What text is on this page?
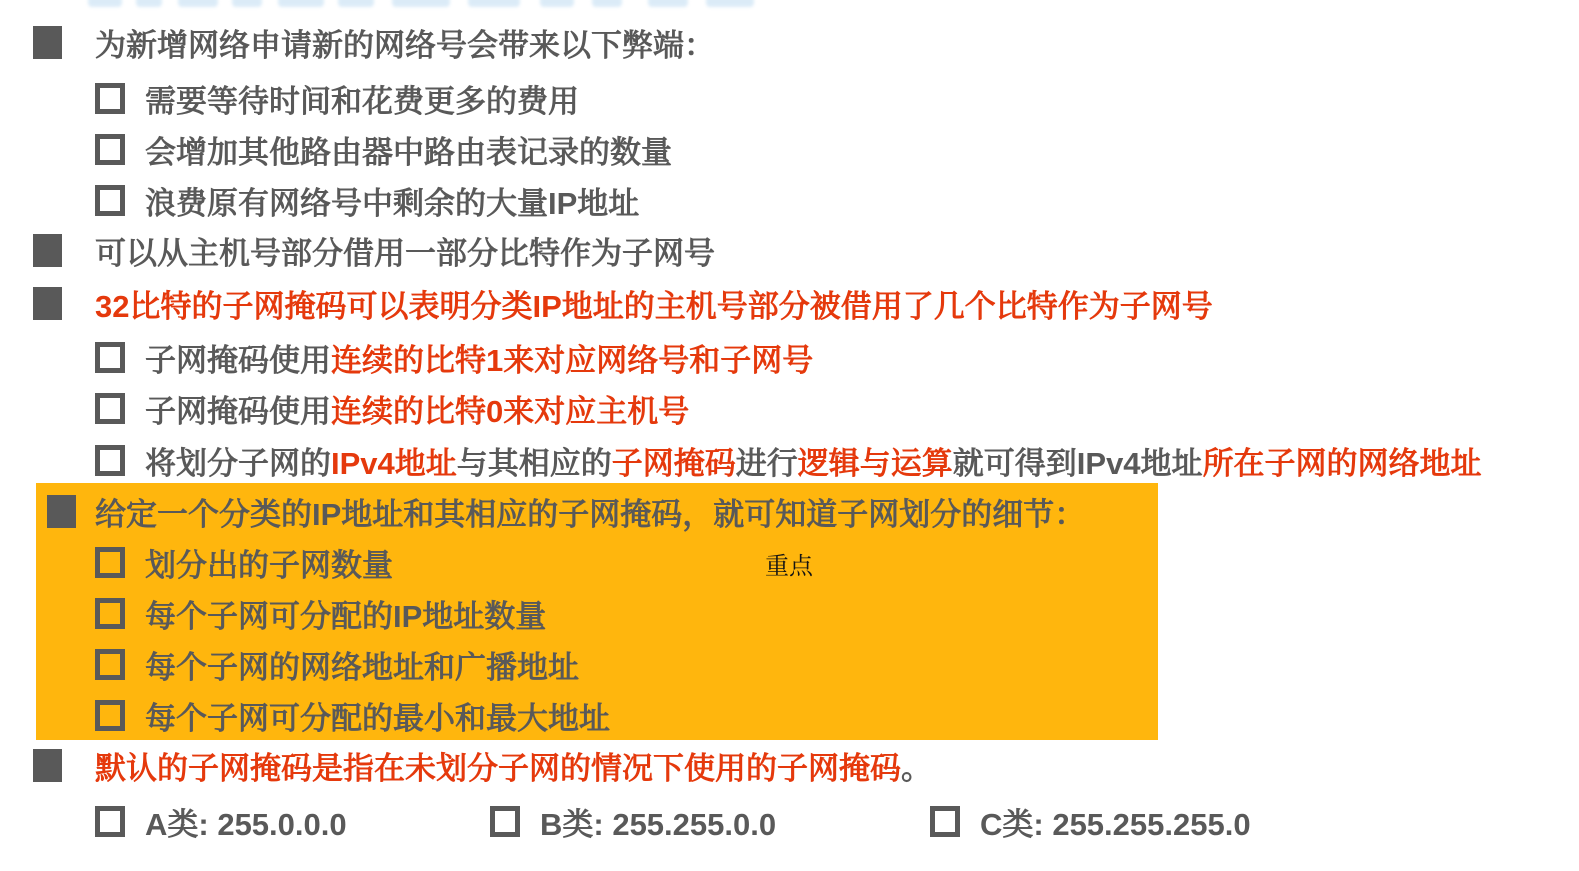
为新增网络申请新的网络号会带来以下弊端：
需要等待时间和花费更多的费用
会增加其他路由器中路由表记录的数量
浪费原有网络号中剩余的大量IP地址
可以从主机号部分借用一部分比特作为子网号
32比特的子网掩码可以表明分类IP地址的主机号部分被借用了几个比特作为子网号
子网掩码使用 连续的比特1来对应网络号和子网号
子网掩码使用 连续的比特0来对应主机号
将划分子网的 IPv4地址 与其相应的 子网掩码 进行 逻辑与运算 就可得到IPv4地址 所在子网的网络地址
给定一个分类的IP地址和其相应的子网掩码，就可知道子网划分的细节：
重点
划分出的子网数量
每个子网可分配的IP地址数量
每个子网的网络地址和广播地址
每个子网可分配的最小和最大地址
默认的子网掩码是指在未划分子网的情况下使用的子网掩码 。
A类: 255.0.0.0	B类: 255.255.0.0	C类: 255.255.255.0
